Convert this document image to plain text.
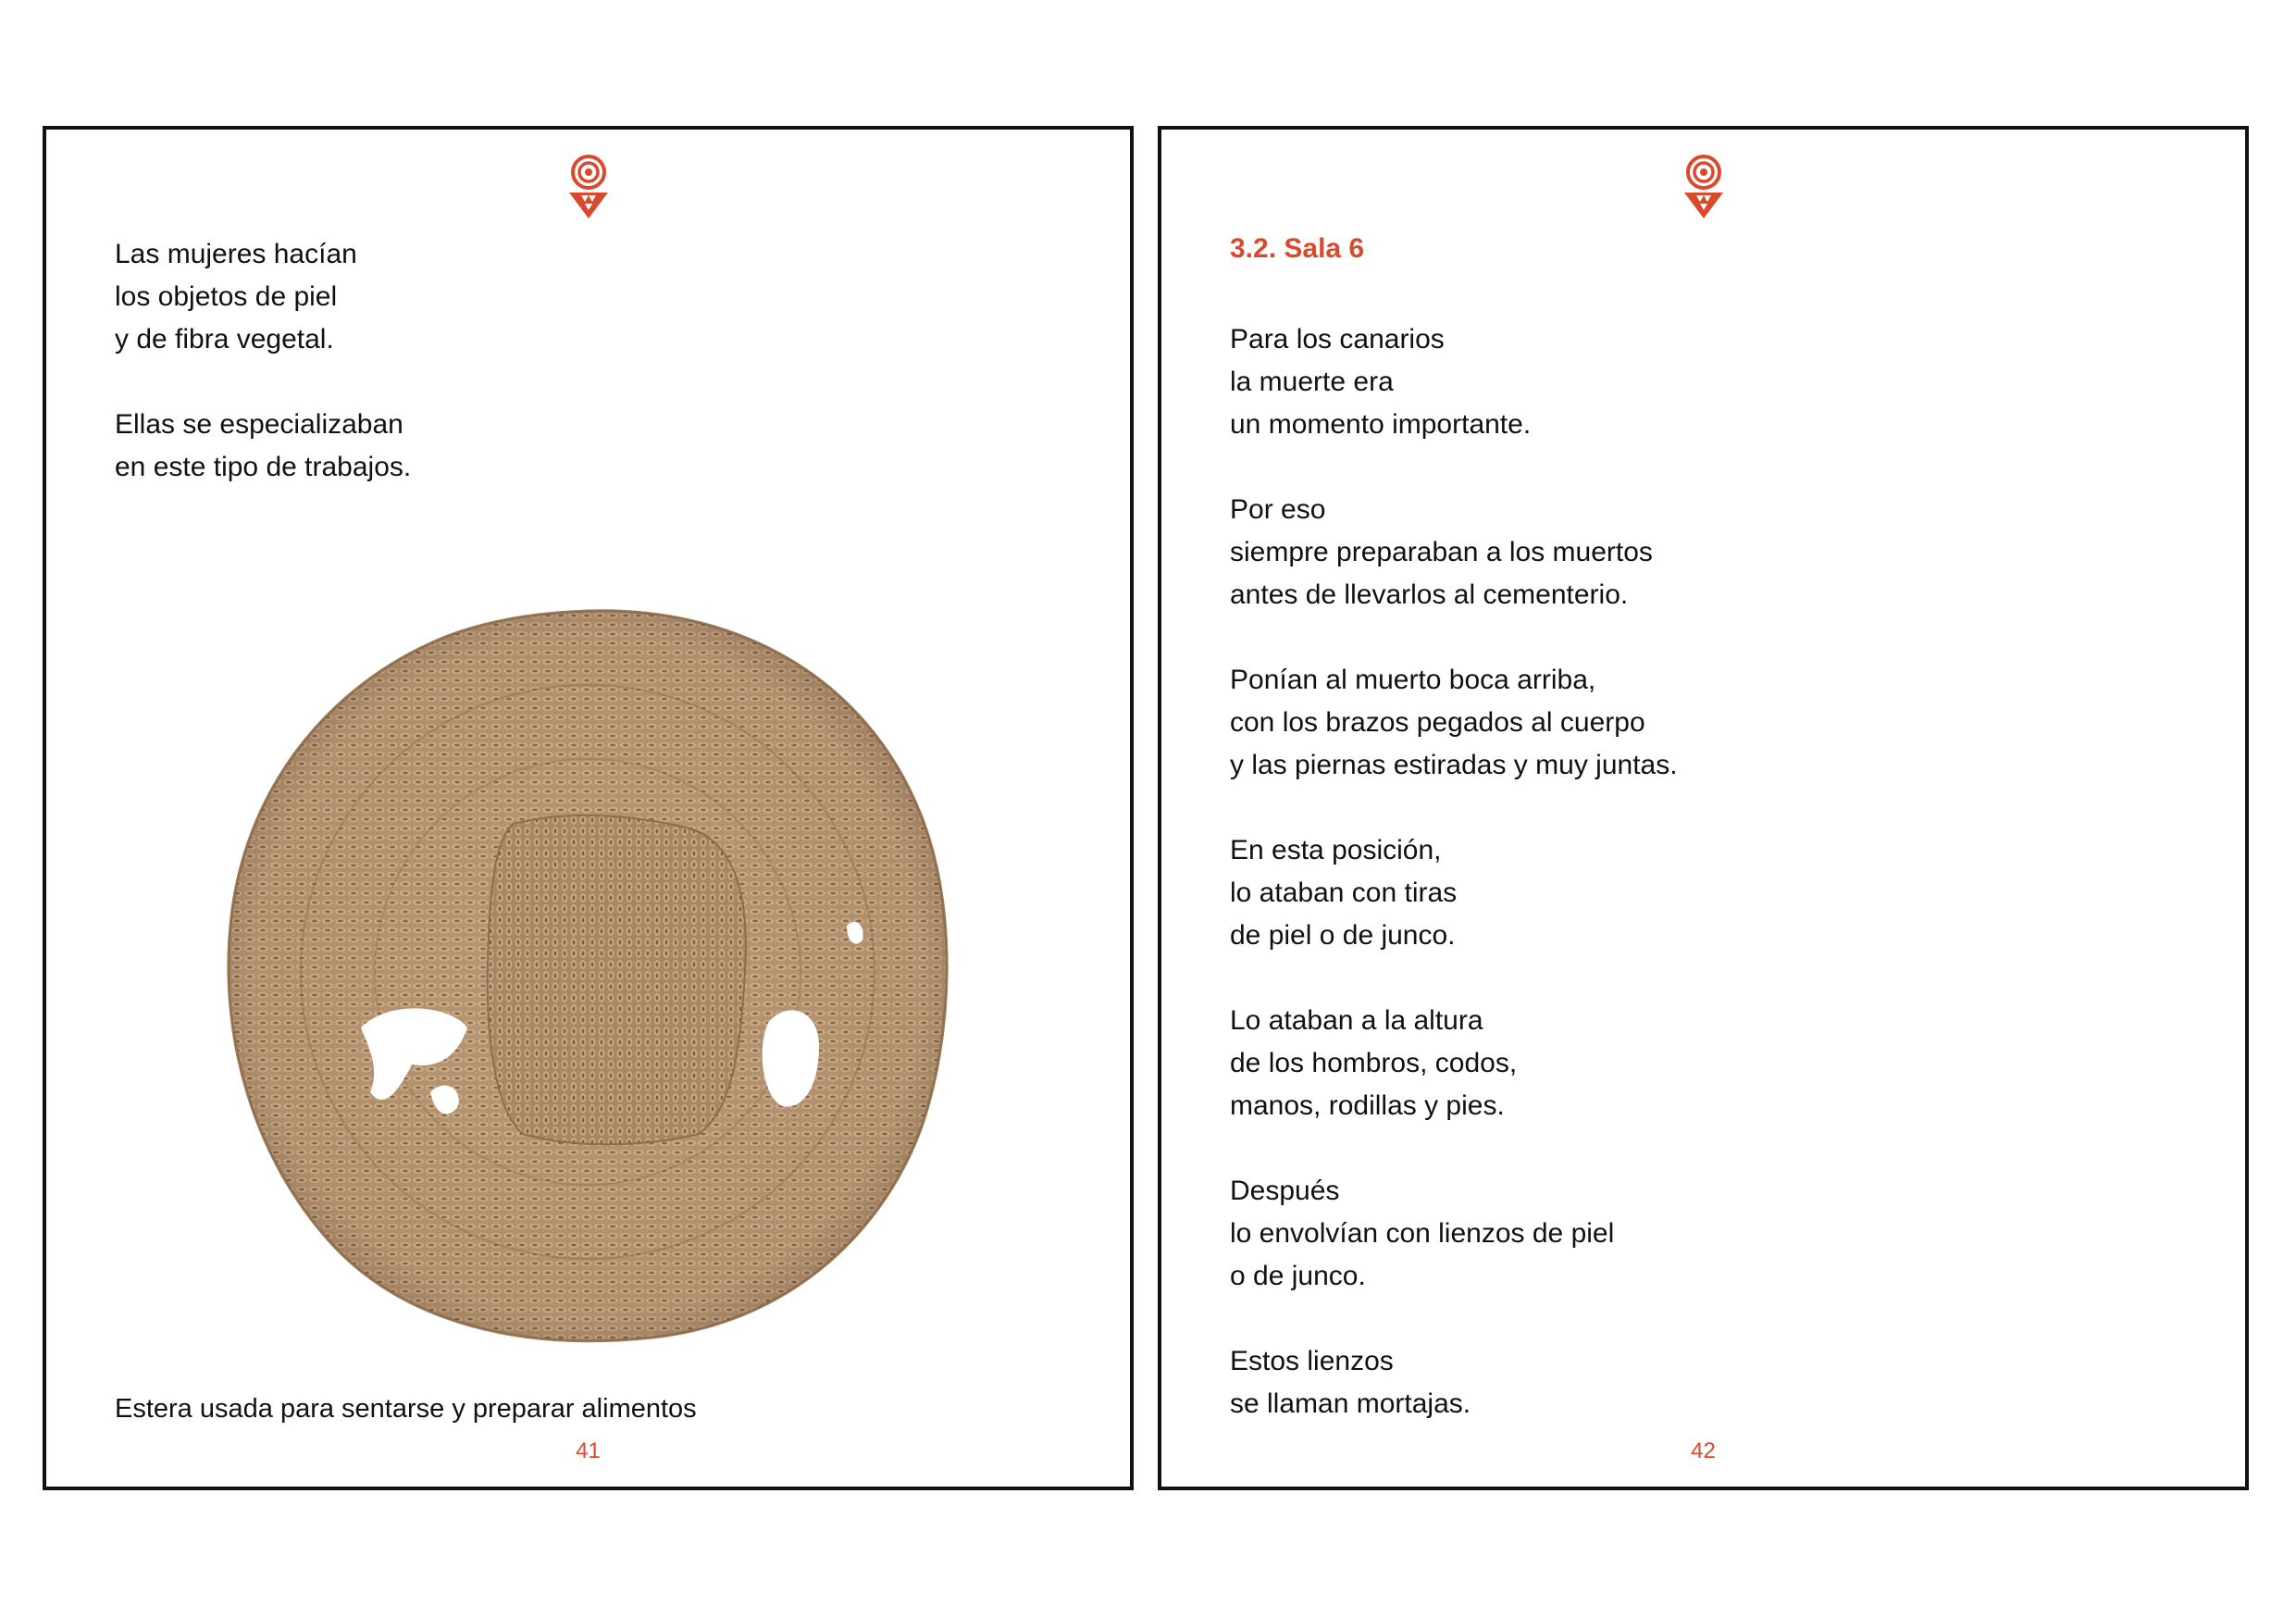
Las mujeres hacían
los objetos de piel
y de fibra vegetal.

Ellas se especializaban
en este tipo de trabajos.

Estera usada para sentarse y preparar alimentos
41
3.2. Sala 6

Para los canarios
la muerte era
un momento importante.

Por eso
siempre preparaban a los muertos
antes de llevarlos al cementerio.

Ponían al muerto boca arriba,
con los brazos pegados al cuerpo
y las piernas estiradas y muy juntas.

En esta posición,
lo ataban con tiras
de piel o de junco.

Lo ataban a la altura
de los hombros, codos,
manos, rodillas y pies.

Después
lo envolvían con lienzos de piel
o de junco.

Estos lienzos
se llaman mortajas.

42
